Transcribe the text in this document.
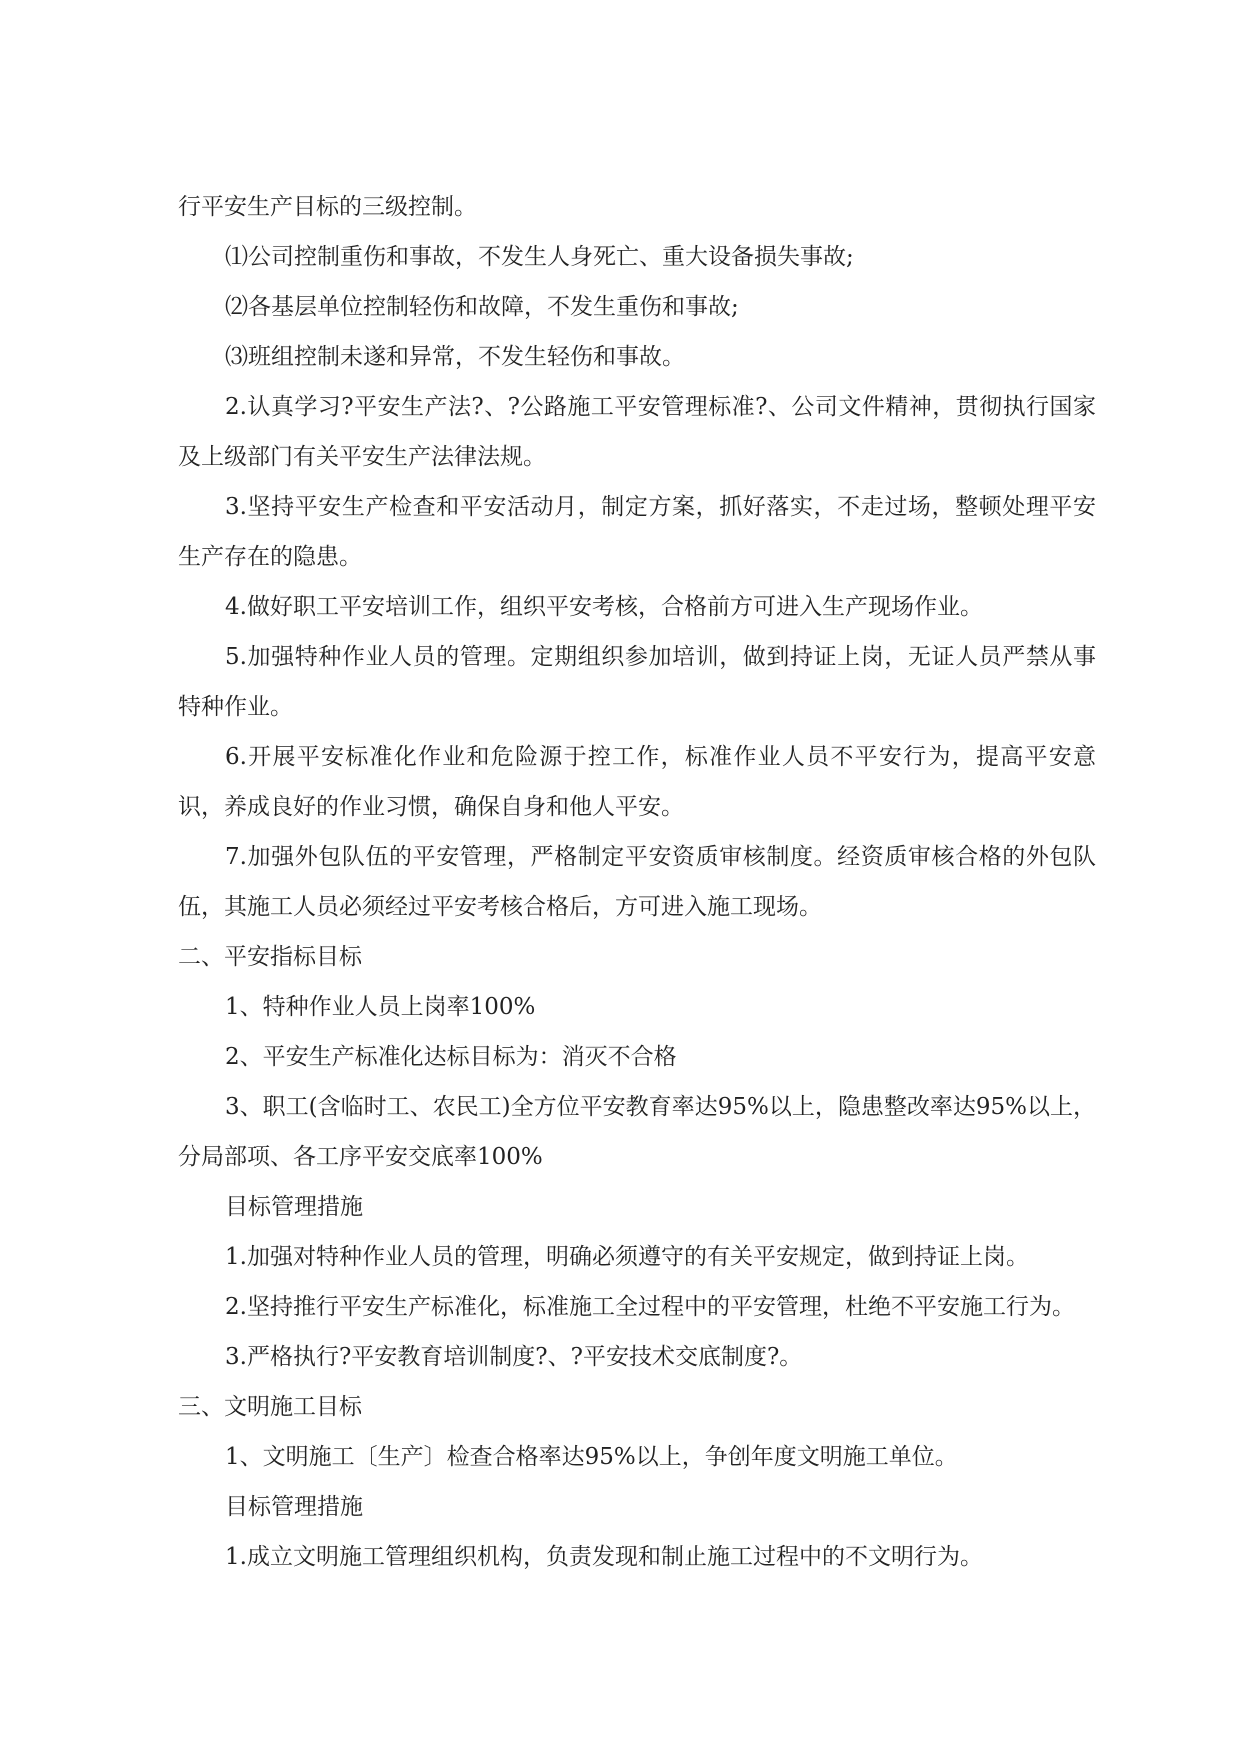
行平安生产目标的三级控制。

⑴公司控制重伤和事故，不发生人身死亡、重大设备损失事故;

⑵各基层单位控制轻伤和故障，不发生重伤和事故;

⑶班组控制未遂和异常，不发生轻伤和事故。

2.认真学习?平安生产法?、?公路施工平安管理标准?、公司文件精神，贯彻执行国家及上级部门有关平安生产法律法规。

3.坚持平安生产检查和平安活动月，制定方案，抓好落实，不走过场，整顿处理平安生产存在的隐患。

4.做好职工平安培训工作，组织平安考核，合格前方可进入生产现场作业。

5.加强特种作业人员的管理。定期组织参加培训，做到持证上岗，无证人员严禁从事特种作业。

6.开展平安标准化作业和危险源于控工作，标准作业人员不平安行为，提高平安意识，养成良好的作业习惯，确保自身和他人平安。

7.加强外包队伍的平安管理，严格制定平安资质审核制度。经资质审核合格的外包队伍，其施工人员必须经过平安考核合格后，方可进入施工现场。

二、平安指标目标

1、特种作业人员上岗率100%

2、平安生产标准化达标目标为：消灭不合格

3、职工(含临时工、农民工)全方位平安教育率达95%以上，隐患整改率达95%以上，分局部项、各工序平安交底率100%

目标管理措施

1.加强对特种作业人员的管理，明确必须遵守的有关平安规定，做到持证上岗。

2.坚持推行平安生产标准化，标准施工全过程中的平安管理，杜绝不平安施工行为。

3.严格执行?平安教育培训制度?、?平安技术交底制度?。

三、文明施工目标

1、文明施工〔生产〕检查合格率达95%以上，争创年度文明施工单位。

目标管理措施

1.成立文明施工管理组织机构，负责发现和制止施工过程中的不文明行为。
